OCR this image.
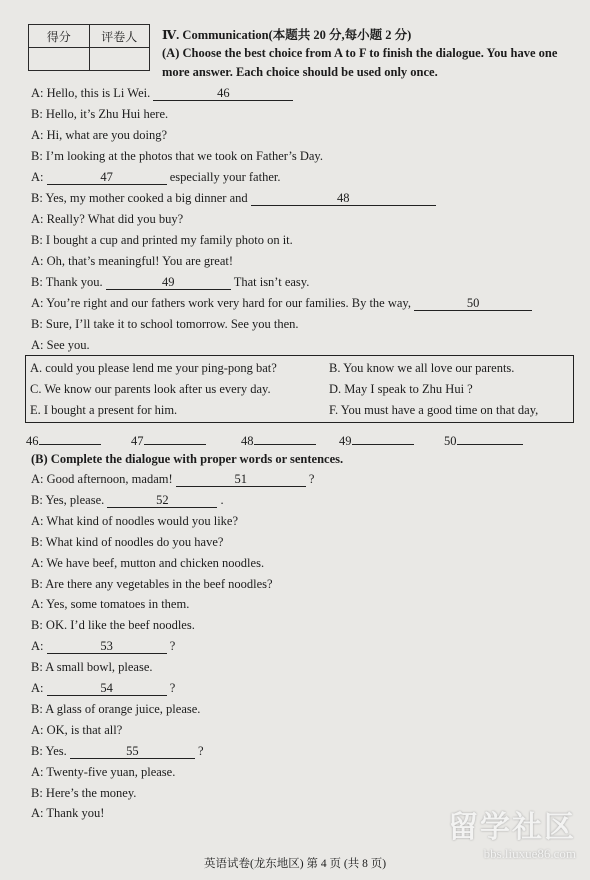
得分	评卷人
	Ⅳ. Communication(本题共 20 分,每小题 2 分)
(A) Choose the best choice from A to F to finish the dialogue. You have one more answer. Each choice should be used only once.
A: Hello, this is Li Wei.	46
B: Hello, it’s Zhu Hui here.
A: Hi, what are you doing?
B: I’m looking at the photos that we took on Father’s Day.
A:	47	especially your father.
B: Yes, my mother cooked a big dinner and	48
A: Really? What did you buy?
B: I bought a cup and printed my family photo on it.
A: Oh, that’s meaningful! You are great!
B: Thank you.	49	That isn’t easy.
A: You’re right and our fathers work very hard for our families. By the way,	50
B: Sure, I’ll take it to school tomorrow. See you then.
A: See you.
A. could you please lend me your ping-pong bat?	B. You know we all love our parents.
C. We know our parents look after us every day.	D. May I speak to Zhu Hui ?
E. I bought a present for him.	F. You must have a good time on that day,
46	47	48	49	50
(B) Complete the dialogue with proper words or sentences.
A: Good afternoon, madam!	51	?
B: Yes, please.	52	.
A: What kind of noodles would you like?
B: What kind of noodles do you have?
A: We have beef, mutton and chicken noodles.
B: Are there any vegetables in the beef noodles?
A: Yes, some tomatoes in them.
B: OK. I’d like the beef noodles.
A:	53	?
B: A small bowl, please.
A:	54	?
B: A glass of orange juice, please.
A: OK, is that all?
B: Yes.	55	?
A: Twenty-five yuan, please.
B: Here’s the money.
A: Thank you!
英语试卷(龙东地区) 第 4 页 (共 8 页)
留学社区
bbs.liuxue86.com
